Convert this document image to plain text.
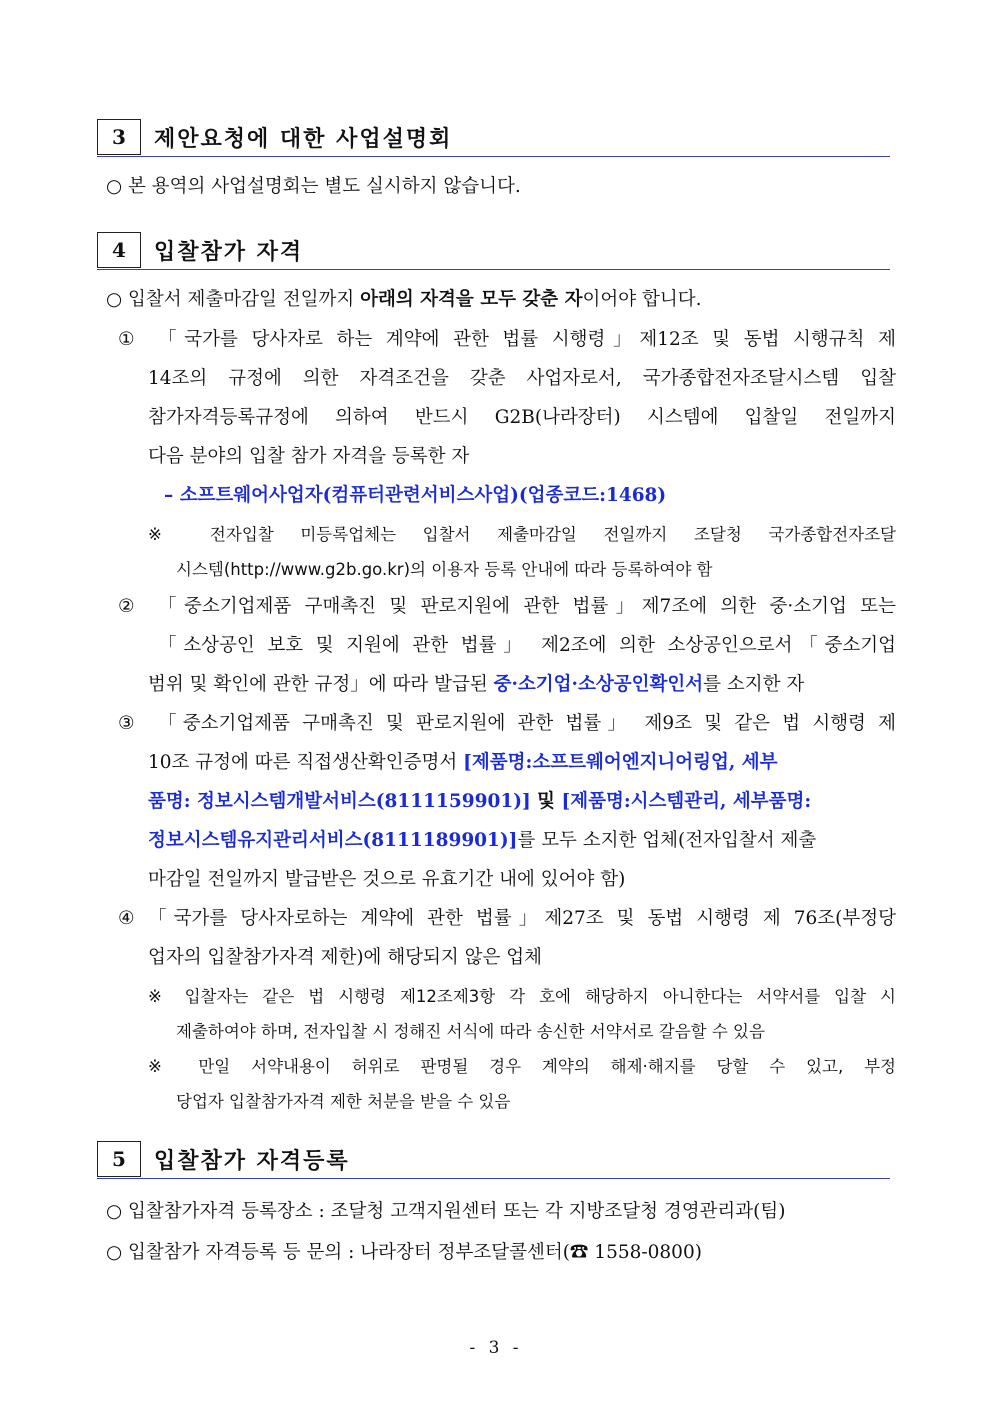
3	제안요청에 대한 사업설명회
○ 본 용역의 사업설명회는 별도 실시하지 않습니다.
4	입찰참가 자격
○ 입찰서 제출마감일 전일까지 아래의 자격을 모두 갖춘 자이어야 합니다.
① 「국가를 당사자로 하는 계약에 관한 법률 시행령」제12조 및 동법 시행규칙 제
14조의 규정에 의한 자격조건을 갖춘 사업자로서, 국가종합전자조달시스템 입찰
참가자격등록규정에 의하여 반드시 G2B(나라장터) 시스템에 입찰일 전일까지
다음 분야의 입찰 참가 자격을 등록한 자
– 소프트웨어사업자(컴퓨터관련서비스사업)(업종코드:1468)
※ 전자입찰 미등록업체는 입찰서 제출마감일 전일까지 조달청 국가종합전자조달
시스템(http://www.g2b.go.kr)의 이용자 등록 안내에 따라 등록하여야 함
② 「중소기업제품 구매촉진 및 판로지원에 관한 법률」제7조에 의한 중·소기업 또는
「소상공인 보호 및 지원에 관한 법률」 제2조에 의한 소상공인으로서「중소기업
범위 및 확인에 관한 규정」에 따라 발급된 중·소기업·소상공인확인서를 소지한 자
③ 「중소기업제품 구매촉진 및 판로지원에 관한 법률」 제9조 및 같은 법 시행령 제
10조 규정에 따른 직접생산확인증명서 [제품명:소프트웨어엔지니어링업, 세부
품명: 정보시스템개발서비스(8111159901)] 및 [제품명:시스템관리, 세부품명:
정보시스템유지관리서비스(8111189901)]를 모두 소지한 업체(전자입찰서 제출
마감일 전일까지 발급받은 것으로 유효기간 내에 있어야 함)
④ 「국가를 당사자로하는 계약에 관한 법률」제27조 및 동법 시행령 제 76조(부정당
업자의 입찰참가자격 제한)에 해당되지 않은 업체
※ 입찰자는 같은 법 시행령 제12조제3항 각 호에 해당하지 아니한다는 서약서를 입찰 시
제출하여야 하며, 전자입찰 시 정해진 서식에 따라 송신한 서약서로 갈음할 수 있음
※ 만일 서약내용이 허위로 판명될 경우 계약의 해제·해지를 당할 수 있고, 부정
당업자 입찰참가자격 제한 처분을 받을 수 있음
5	입찰참가 자격등록
○ 입찰참가자격 등록장소 : 조달청 고객지원센터 또는 각 지방조달청 경영관리과(팀)
○ 입찰참가 자격등록 등 문의 : 나라장터 정부조달콜센터(☎ 1558-0800)
- 3 -
